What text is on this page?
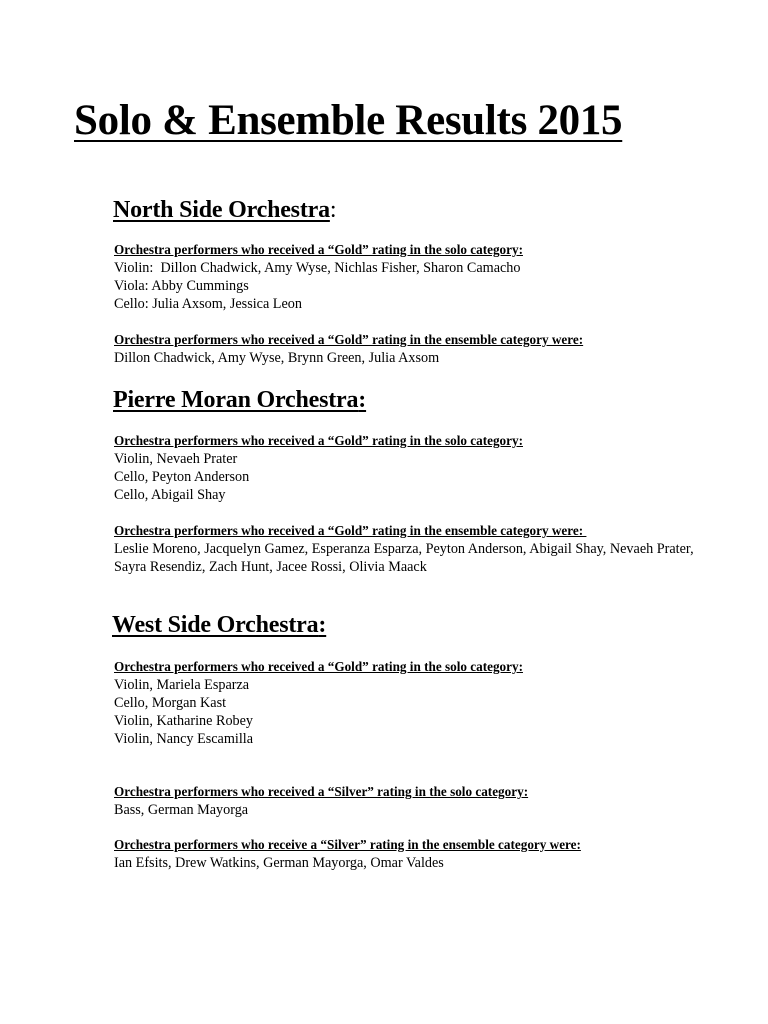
Solo & Ensemble Results 2015
North Side Orchestra:
Orchestra performers who received a “Gold” rating in the solo category:
Violin:  Dillon Chadwick, Amy Wyse, Nichlas Fisher, Sharon Camacho
Viola: Abby Cummings
Cello: Julia Axsom, Jessica Leon
Orchestra performers who received a “Gold” rating in the ensemble category were:
Dillon Chadwick, Amy Wyse, Brynn Green, Julia Axsom
Pierre Moran Orchestra:
Orchestra performers who received a “Gold” rating in the solo category:
Violin, Nevaeh Prater
Cello, Peyton Anderson
Cello, Abigail Shay
Orchestra performers who received a “Gold” rating in the ensemble category were:
Leslie Moreno, Jacquelyn Gamez, Esperanza Esparza, Peyton Anderson, Abigail Shay, Nevaeh Prater, Sayra Resendiz, Zach Hunt, Jacee Rossi, Olivia Maack
West Side Orchestra:
Orchestra performers who received a “Gold” rating in the solo category:
Violin, Mariela Esparza
Cello, Morgan Kast
Violin, Katharine Robey
Violin, Nancy Escamilla
Orchestra performers who received a “Silver” rating in the solo category:
Bass, German Mayorga
Orchestra performers who receive a “Silver” rating in the ensemble category were:
Ian Efsits, Drew Watkins, German Mayorga, Omar Valdes
